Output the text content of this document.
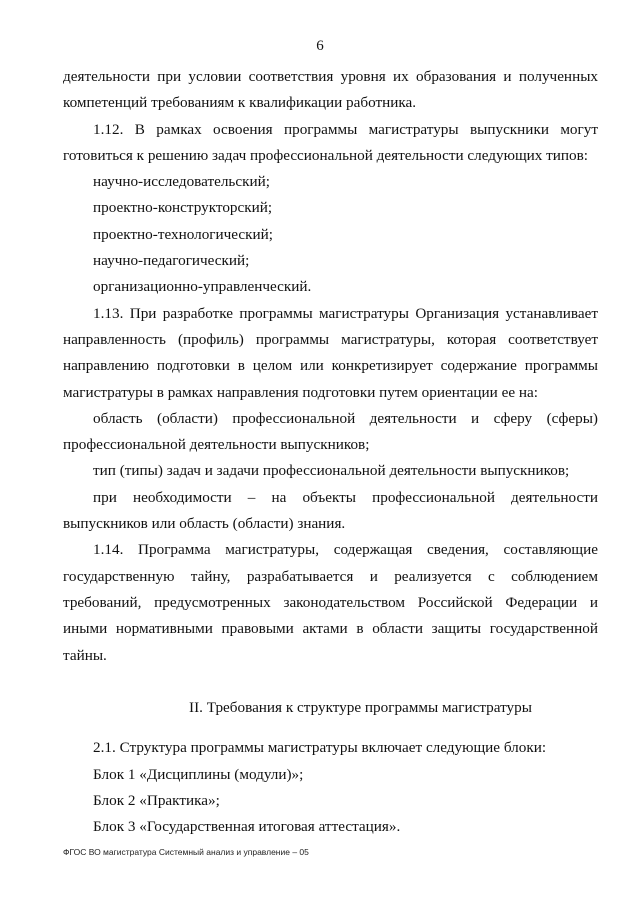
6

деятельности при условии соответствия уровня их образования и полученных компетенций требованиям к квалификации работника.

1.12. В рамках освоения программы магистратуры выпускники могут готовиться к решению задач профессиональной деятельности следующих типов:

научно-исследовательский;

проектно-конструкторский;

проектно-технологический;

научно-педагогический;

организационно-управленческий.

1.13. При разработке программы магистратуры Организация устанавливает направленность (профиль) программы магистратуры, которая соответствует направлению подготовки в целом или конкретизирует содержание программы магистратуры в рамках направления подготовки путем ориентации ее на:

область (области) профессиональной деятельности и сферу (сферы) профессиональной деятельности выпускников;

тип (типы) задач и задачи профессиональной деятельности выпускников;

при необходимости – на объекты профессиональной деятельности выпускников или область (области) знания.

1.14. Программа магистратуры, содержащая сведения, составляющие государственную тайну, разрабатывается и реализуется с соблюдением требований, предусмотренных законодательством Российской Федерации и иными нормативными правовыми актами в области защиты государственной тайны.

II. Требования к структуре программы магистратуры

2.1. Структура программы магистратуры включает следующие блоки:

Блок 1 «Дисциплины (модули)»;

Блок 2 «Практика»;

Блок 3 «Государственная итоговая аттестация».

ФГОС ВО магистратура Системный анализ и управление – 05
